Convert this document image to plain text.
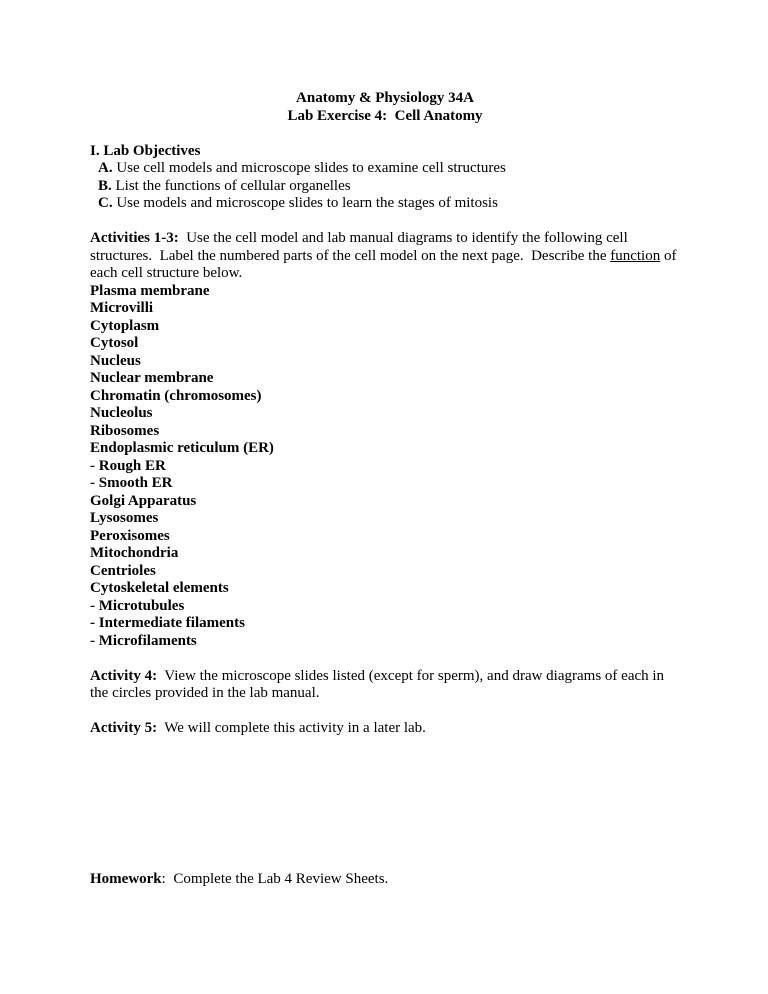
Anatomy & Physiology 34A
Lab Exercise 4:  Cell Anatomy
I. Lab Objectives
A. Use cell models and microscope slides to examine cell structures
B. List the functions of cellular organelles
C. Use models and microscope slides to learn the stages of mitosis

Activities 1-3:  Use the cell model and lab manual diagrams to identify the following cell structures.  Label the numbered parts of the cell model on the next page.  Describe the function of each cell structure below.

Plasma membrane
Microvilli
Cytoplasm
Cytosol
Nucleus
Nuclear membrane
Chromatin (chromosomes)
Nucleolus
Ribosomes
Endoplasmic reticulum (ER)
- Rough ER
- Smooth ER
Golgi Apparatus
Lysosomes
Peroxisomes
Mitochondria
Centrioles
Cytoskeletal elements
- Microtubules
- Intermediate filaments
- Microfilaments

Activity 4:  View the microscope slides listed (except for sperm), and draw diagrams of each in the circles provided in the lab manual.

Activity 5:  We will complete this activity in a later lab.

Homework:  Complete the Lab 4 Review Sheets.
